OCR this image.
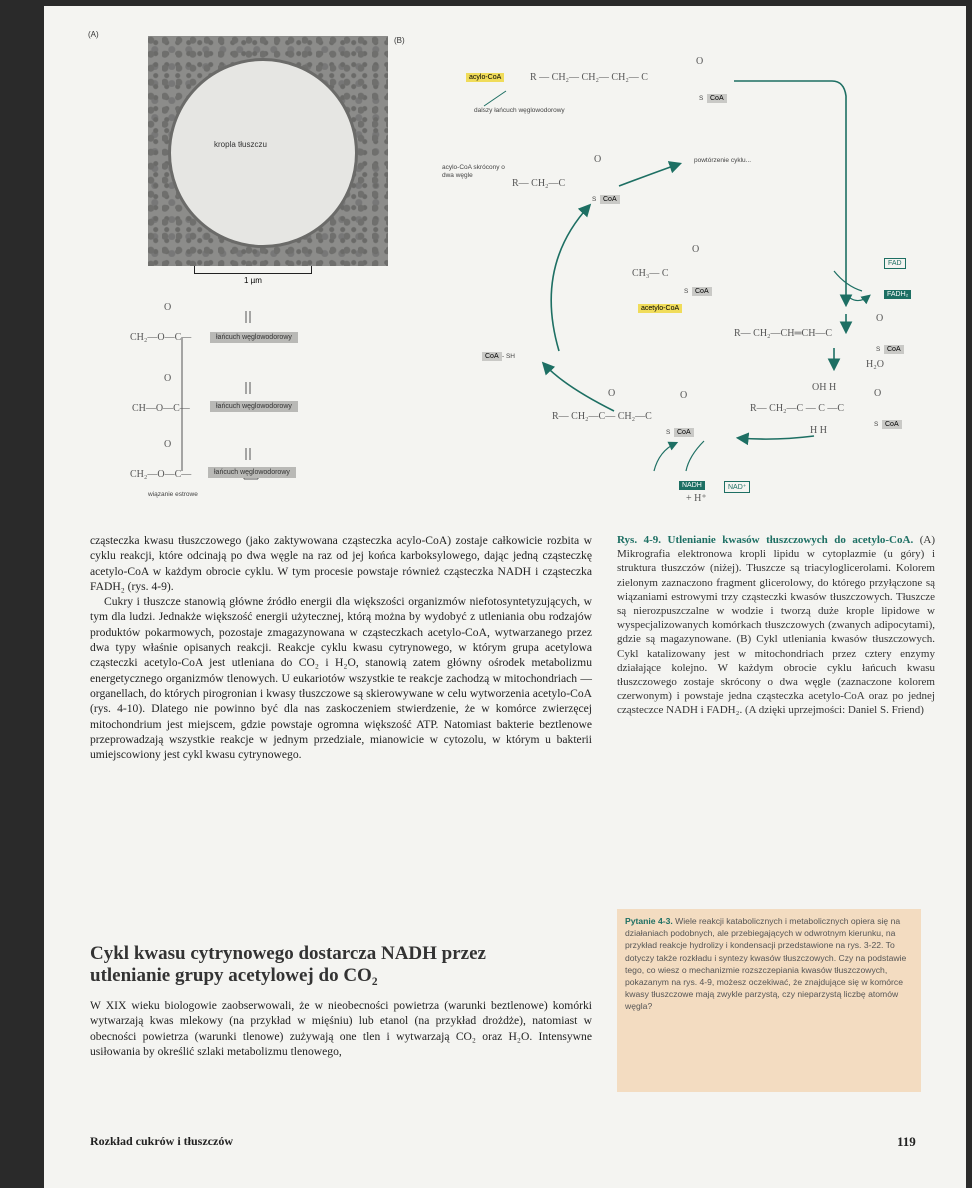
(A)
kropla tłuszczu
1 µm
O
CH₂—O—C—	łańcuch węglowodorowy
O
CH—O—C—	łańcuch węglowodorowy
O
CH₂—O—C—	łańcuch węglowodorowy
wiązanie estrowe
(B)
acylo-CoA	R — CH₂— CH₂— CH₂— C
O
S CoA
dalszy łańcuch węglowodorowy
acylo-CoA skrócony o dwa węgle
R— CH₂—C
O
S CoA
powtórzenie cyklu...
CH₃— C
O
S CoA
acetylo-CoA
CoA - SH
FAD
FADH₂
R— CH₂—CH═CH—C
O
S CoA
H₂O
OH H
R— CH₂—C — C —C
O
S CoA
H H
O	O
R— CH₂—C— CH₂—C
S CoA
NADH	NAD⁺
+ H⁺

cząsteczka kwasu tłuszczowego (jako zaktywowana cząsteczka acylo-CoA) zostaje całkowicie rozbita w cyklu reakcji, które odcinają po dwa węgle na raz od jej końca karboksylowego, dając jedną cząsteczkę acetylo-CoA w każdym obrocie cyklu. W tym procesie powstaje również cząsteczka NADH i cząsteczka FADH₂ (rys. 4-9).

Cukry i tłuszcze stanowią główne źródło energii dla większości organizmów niefotosyntetyzujących, w tym dla ludzi. Jednakże większość energii użytecznej, którą można by wydobyć z utleniania obu rodzajów produktów pokarmowych, pozostaje zmagazynowana w cząsteczkach acetylo-CoA, wytwarzanego przez dwa typy właśnie opisanych reakcji. Reakcje cyklu kwasu cytrynowego, w którym grupa acetylowa cząsteczki acetylo-CoA jest utleniana do CO₂ i H₂O, stanowią zatem główny ośrodek metabolizmu energetycznego organizmów tlenowych. U eukariotów wszystkie te reakcje zachodzą w mitochondriach — organellach, do których pirogronian i kwasy tłuszczowe są skierowywane w celu wytworzenia acetylo-CoA (rys. 4-10). Dlatego nie powinno być dla nas zaskoczeniem stwierdzenie, że w komórce zwierzęcej mitochondrium jest miejscem, gdzie powstaje ogromna większość ATP. Natomiast bakterie beztlenowe przeprowadzają wszystkie reakcje w jednym przedziale, mianowicie w cytozolu, w którym u bakterii umiejscowiony jest cykl kwasu cytrynowego.

Rys. 4-9. Utlenianie kwasów tłuszczowych do acetylo-CoA. (A) Mikrografia elektronowa kropli lipidu w cytoplazmie (u góry) i struktura tłuszczów (niżej). Tłuszcze są triacyloglicerolami. Kolorem zielonym zaznaczono fragment glicerolowy, do którego przyłączone są wiązaniami estrowymi trzy cząsteczki kwasów tłuszczowych. Tłuszcze są nierozpuszczalne w wodzie i tworzą duże krople lipidowe w wyspecjalizowanych komórkach tłuszczowych (zwanych adipocytami), gdzie są magazynowane. (B) Cykl utleniania kwasów tłuszczowych. Cykl katalizowany jest w mitochondriach przez cztery enzymy działające kolejno. W każdym obrocie cyklu łańcuch kwasu tłuszczowego zostaje skrócony o dwa węgle (zaznaczone kolorem czerwonym) i powstaje jedna cząsteczka acetylo-CoA oraz po jednej cząsteczce NADH i FADH₂. (A dzięki uprzejmości: Daniel S. Friend)
Pytanie 4-3. Wiele reakcji katabolicznych i metabolicznych opiera się na działaniach podobnych, ale przebiegających w odwrotnym kierunku, na przykład reakcje hydrolizy i kondensacji przedstawione na rys. 3-22. To dotyczy także rozkładu i syntezy kwasów tłuszczowych. Czy na podstawie tego, co wiesz o mechanizmie rozszczepiania kwasów tłuszczowych, pokazanym na rys. 4-9, możesz oczekiwać, że znajdujące się w komórce kwasy tłuszczowe mają zwykle parzystą, czy nieparzystą liczbę atomów węgla?
Cykl kwasu cytrynowego dostarcza NADH przez utlenianie grupy acetylowej do CO₂

W XIX wieku biologowie zaobserwowali, że w nieobecności powietrza (warunki beztlenowe) komórki wytwarzają kwas mlekowy (na przykład w mięśniu) lub etanol (na przykład drożdże), natomiast w obecności powietrza (warunki tlenowe) zużywają one tlen i wytwarzają CO₂ oraz H₂O. Intensywne usiłowania by określić szlaki metabolizmu tlenowego,

Rozkład cukrów i tłuszczów	119
